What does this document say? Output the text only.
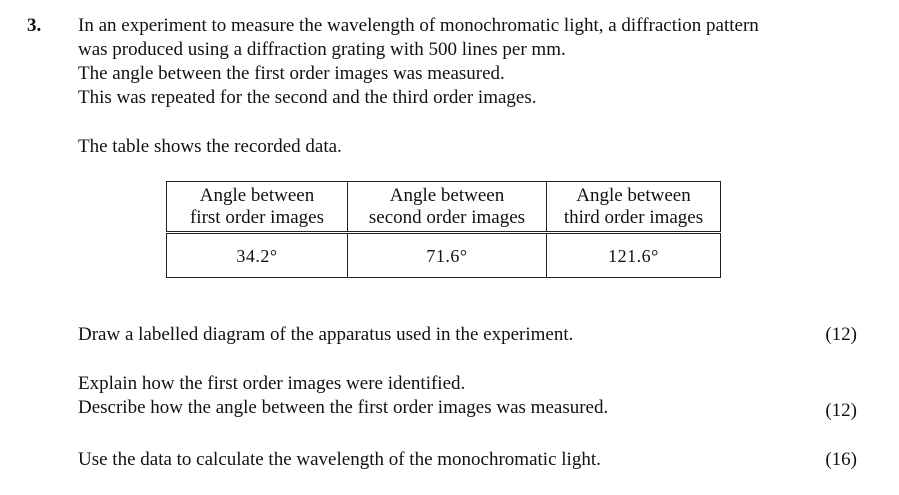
3. In an experiment to measure the wavelength of monochromatic light, a diffraction pattern
was produced using a diffraction grating with 500 lines per mm.
The angle between the first order images was measured.
This was repeated for the second and the third order images.
The table shows the recorded data.
Angle between
first order images	Angle between
second order images	Angle between
third order images

34.2°	71.6°	121.6°
Draw a labelled diagram of the apparatus used in the experiment.	(12)
Explain how the first order images were identified.
Describe how the angle between the first order images was measured.	(12)
Use the data to calculate the wavelength of the monochromatic light.	(16)
